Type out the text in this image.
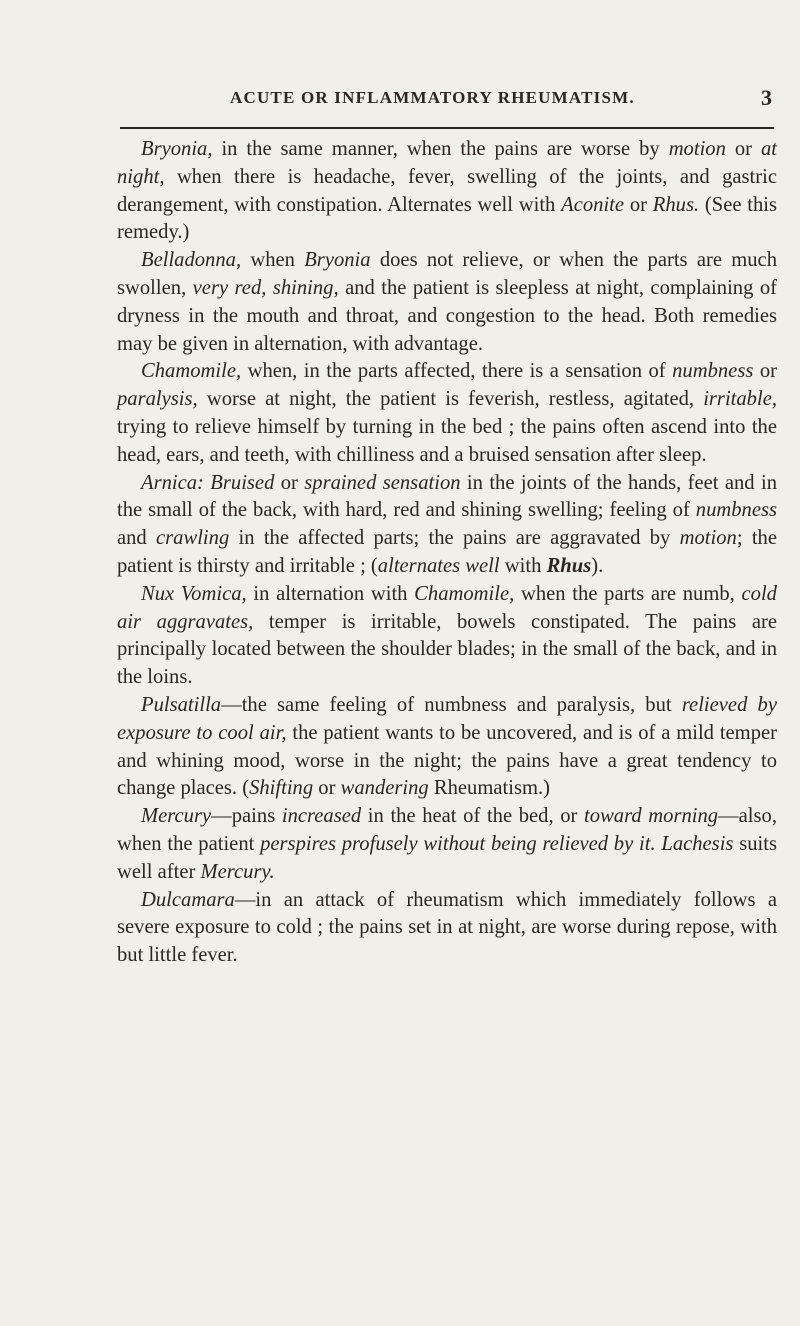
ACUTE OR INFLAMMATORY RHEUMATISM.	3

Bryonia, in the same manner, when the pains are worse by motion or at night, when there is headache, fever, swelling of the joints, and gastric derangement, with constipation. Alternates well with Aconite or Rhus. (See this remedy.)

Belladonna, when Bryonia does not relieve, or when the parts are much swollen, very red, shining, and the patient is sleepless at night, complaining of dryness in the mouth and throat, and congestion to the head. Both remedies may be given in alternation, with advantage.

Chamomile, when, in the parts affected, there is a sensation of numbness or paralysis, worse at night, the patient is feverish, restless, agitated, irritable, trying to relieve himself by turning in the bed ; the pains often ascend into the head, ears, and teeth, with chilliness and a bruised sensation after sleep.

Arnica: Bruised or sprained sensation in the joints of the hands, feet and in the small of the back, with hard, red and shining swelling; feeling of numbness and crawling in the affected parts; the pains are aggravated by motion; the patient is thirsty and irritable ; (alternates well with Rhus).

Nux Vomica, in alternation with Chamomile, when the parts are numb, cold air aggravates, temper is irritable, bowels constipated. The pains are principally located between the shoulder blades; in the small of the back, and in the loins.

Pulsatilla—the same feeling of numbness and paralysis, but relieved by exposure to cool air, the patient wants to be uncovered, and is of a mild temper and whining mood, worse in the night; the pains have a great tendency to change places. (Shifting or wandering Rheumatism.)

Mercury—pains increased in the heat of the bed, or toward morning—also, when the patient perspires profusely without being relieved by it. Lachesis suits well after Mercury.

Dulcamara—in an attack of rheumatism which immediately follows a severe exposure to cold ; the pains set in at night, are worse during repose, with but little fever.
